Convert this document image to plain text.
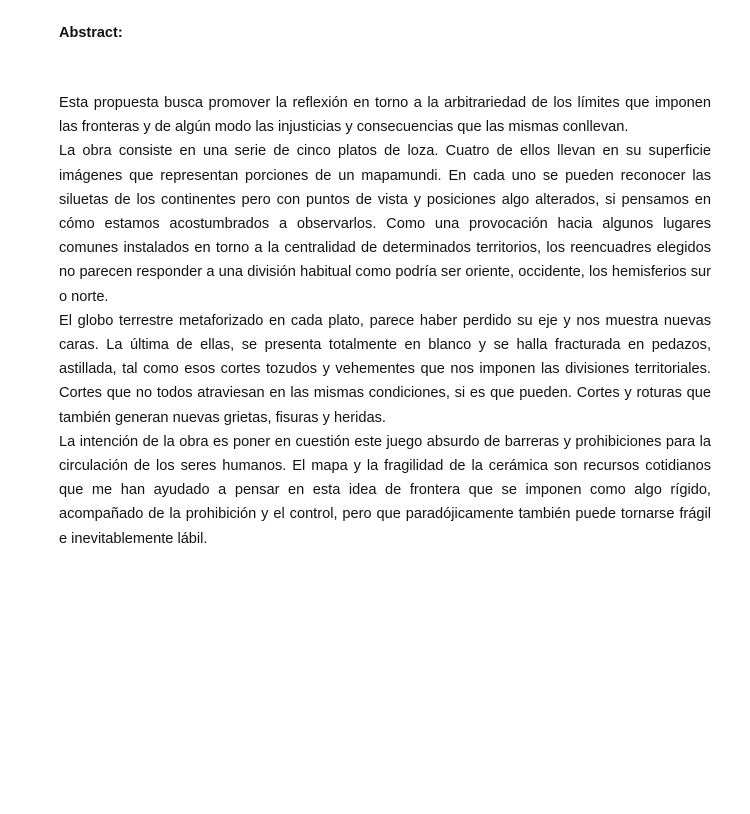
Abstract:

Esta propuesta busca promover la reflexión en torno a la arbitrariedad de los límites que imponen las fronteras y de algún modo las injusticias y consecuencias que las mismas conllevan.

La obra consiste en una serie de cinco platos de loza. Cuatro de ellos llevan en su superficie imágenes que representan porciones de un mapamundi. En cada uno se pueden reconocer las siluetas de los continentes pero con puntos de vista y posiciones algo alterados, si pensamos en cómo estamos acostumbrados a observarlos. Como una provocación hacia algunos lugares comunes instalados en torno a la centralidad de determinados territorios, los reencuadres elegidos no parecen responder a una división habitual como podría ser oriente, occidente, los hemisferios sur o norte.

El globo terrestre metaforizado en cada plato, parece haber perdido su eje y nos muestra nuevas caras. La última de ellas, se presenta totalmente en blanco y se halla fracturada en pedazos, astillada, tal como esos cortes tozudos y vehementes que nos imponen las divisiones territoriales. Cortes que no todos atraviesan en las mismas condiciones, si es que pueden. Cortes y roturas que también generan nuevas grietas, fisuras y heridas.

La intención de la obra es poner en cuestión este juego absurdo de barreras y prohibiciones para la circulación de los seres humanos. El mapa y la fragilidad de la cerámica son recursos cotidianos que me han ayudado a pensar en esta idea de frontera que se imponen como algo rígido, acompañado de la prohibición y el control, pero que paradójicamente también puede tornarse frágil e inevitablemente lábil.
